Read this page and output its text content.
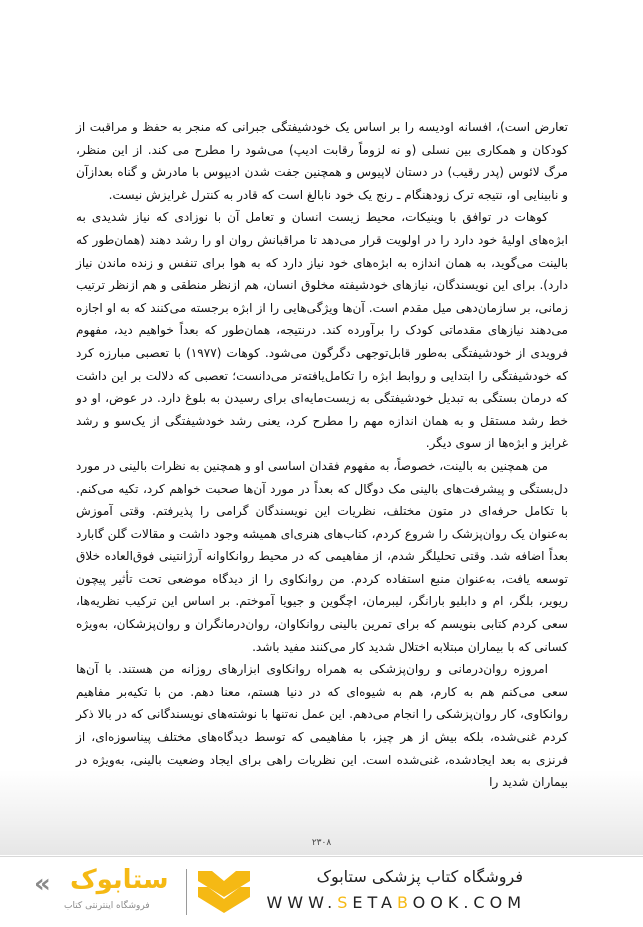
تعارض است)، افسانه اودیسه را بر اساس یک خودشیفتگی جبرانی که منجر به حفظ و مراقبت از کودکان و همکاری بین نسلی (و نه لزوماً رقابت ادیپ) می‌شود را مطرح می کند. از این منظر، مرگ لائوس (پدر رقیب) در دستان لاپیوس و همچنین جفت شدن ادیپوس با مادرش و گناه بعدازآن و نابینایی او، نتیجه ترک زودهنگام ـ رنج یک خود نابالغ است که قادر به کنترل غرایزش نیست.

کوهات در توافق با وینیکات، محیط زیست انسان و تعامل آن با نوزادی که نیاز شدیدی به ابژه‌های اولیهٔ خود دارد را در اولویت قرار می‌دهد تا مراقبانش روان او را رشد دهند (همان‌طور که بالینت می‌گوید، به همان اندازه به ابژه‌های خود نیاز دارد که به هوا برای تنفس و زنده ماندن نیاز دارد). برای این نویسندگان، نیازهای خودشیفته مخلوق انسان، هم ازنظر منطقی و هم ازنظر ترتیب زمانی، بر سازمان‌دهی میل مقدم است. آن‌ها ویژگی‌هایی را از ابژه برجسته می‌کنند که به او اجازه می‌دهند نیازهای مقدماتی کودک را برآورده کند. درنتیجه، همان‌طور که بعداً خواهیم دید، مفهوم فرویدی از خودشیفتگی به‌طور قابل‌توجهی دگرگون می‌شود. کوهات (۱۹۷۷) با تعصبی مبارزه کرد که خودشیفتگی را ابتدایی و روابط ابژه را تکامل‌یافته‌تر می‌دانست؛ تعصبی که دلالت بر این داشت که درمان بستگی به تبدیل خودشیفتگی به زیست‌مایه‌ای برای رسیدن به بلوغ دارد. در عوض، او دو خط رشد مستقل و به همان اندازه مهم را مطرح کرد، یعنی رشد خودشیفتگی از یک‌سو و رشد غرایز و ابژه‌ها از سوی دیگر.

من همچنین به بالینت، خصوصاً، به مفهوم فقدان اساسی او و همچنین به نظرات بالینی در مورد دل‌بستگی و پیشرفت‌های بالینی مک دوگال که بعداً در مورد آن‌ها صحبت خواهم کرد، تکیه می‌کنم. با تکامل حرفه‌ای در متون مختلف، نظریات این نویسندگان گرامی را پذیرفتم. وقتی آموزش به‌عنوان یک روان‌پزشک را شروع کردم، کتاب‌های هنری‌ای همیشه وجود داشت و مقالات گلن گابارد بعداً اضافه شد. وقتی تحلیلگر شدم، از مفاهیمی که در محیط روانکاوانه آرژانتینی فوق‌العاده خلاق توسعه یافت، به‌عنوان منبع استفاده کردم. من روانکاوی را از دیدگاه موضعی تحت تأثیر پیچون ریویر، بلگر، ام و دابلیو بارانگر، لیبرمان، اچگوین و جیویا آموختم. بر اساس این ترکیب نظریه‌ها، سعی کردم کتابی بنویسم که برای تمرین بالینی روانکاوان، روان‌درمانگران و روان‌پزشکان، به‌ویژه کسانی که با بیماران مبتلابه اختلال شدید کار می‌کنند مفید باشد.

امروزه روان‌درمانی و روان‌پزشکی به همراه روانکاوی ابزارهای روزانه من هستند. با آن‌ها سعی می‌کنم هم به کارم، هم به شیوه‌ای که در دنیا هستم، معنا دهم. من با تکیه‌بر مفاهیم روانکاوی، کار روان‌پزشکی را انجام می‌دهم. این عمل نه‌تنها با نوشته‌های نویسندگانی که در بالا ذکر کردم غنی‌شده، بلکه بیش از هر چیز، با مفاهیمی که توسط دیدگاه‌های مختلف پیناسوزه‌ای، از فرنزی به بعد ایجادشده، غنی‌شده است. این نظریات راهی برای ایجاد وضعیت بالینی، به‌ویژه در بیماران شدید را

۲۳۰۸
« ستابوک
فروشگاه اینترنتی کتاب
فروشگاه کتاب پزشکی ستابوک
WWW.SETABOOK.COM
